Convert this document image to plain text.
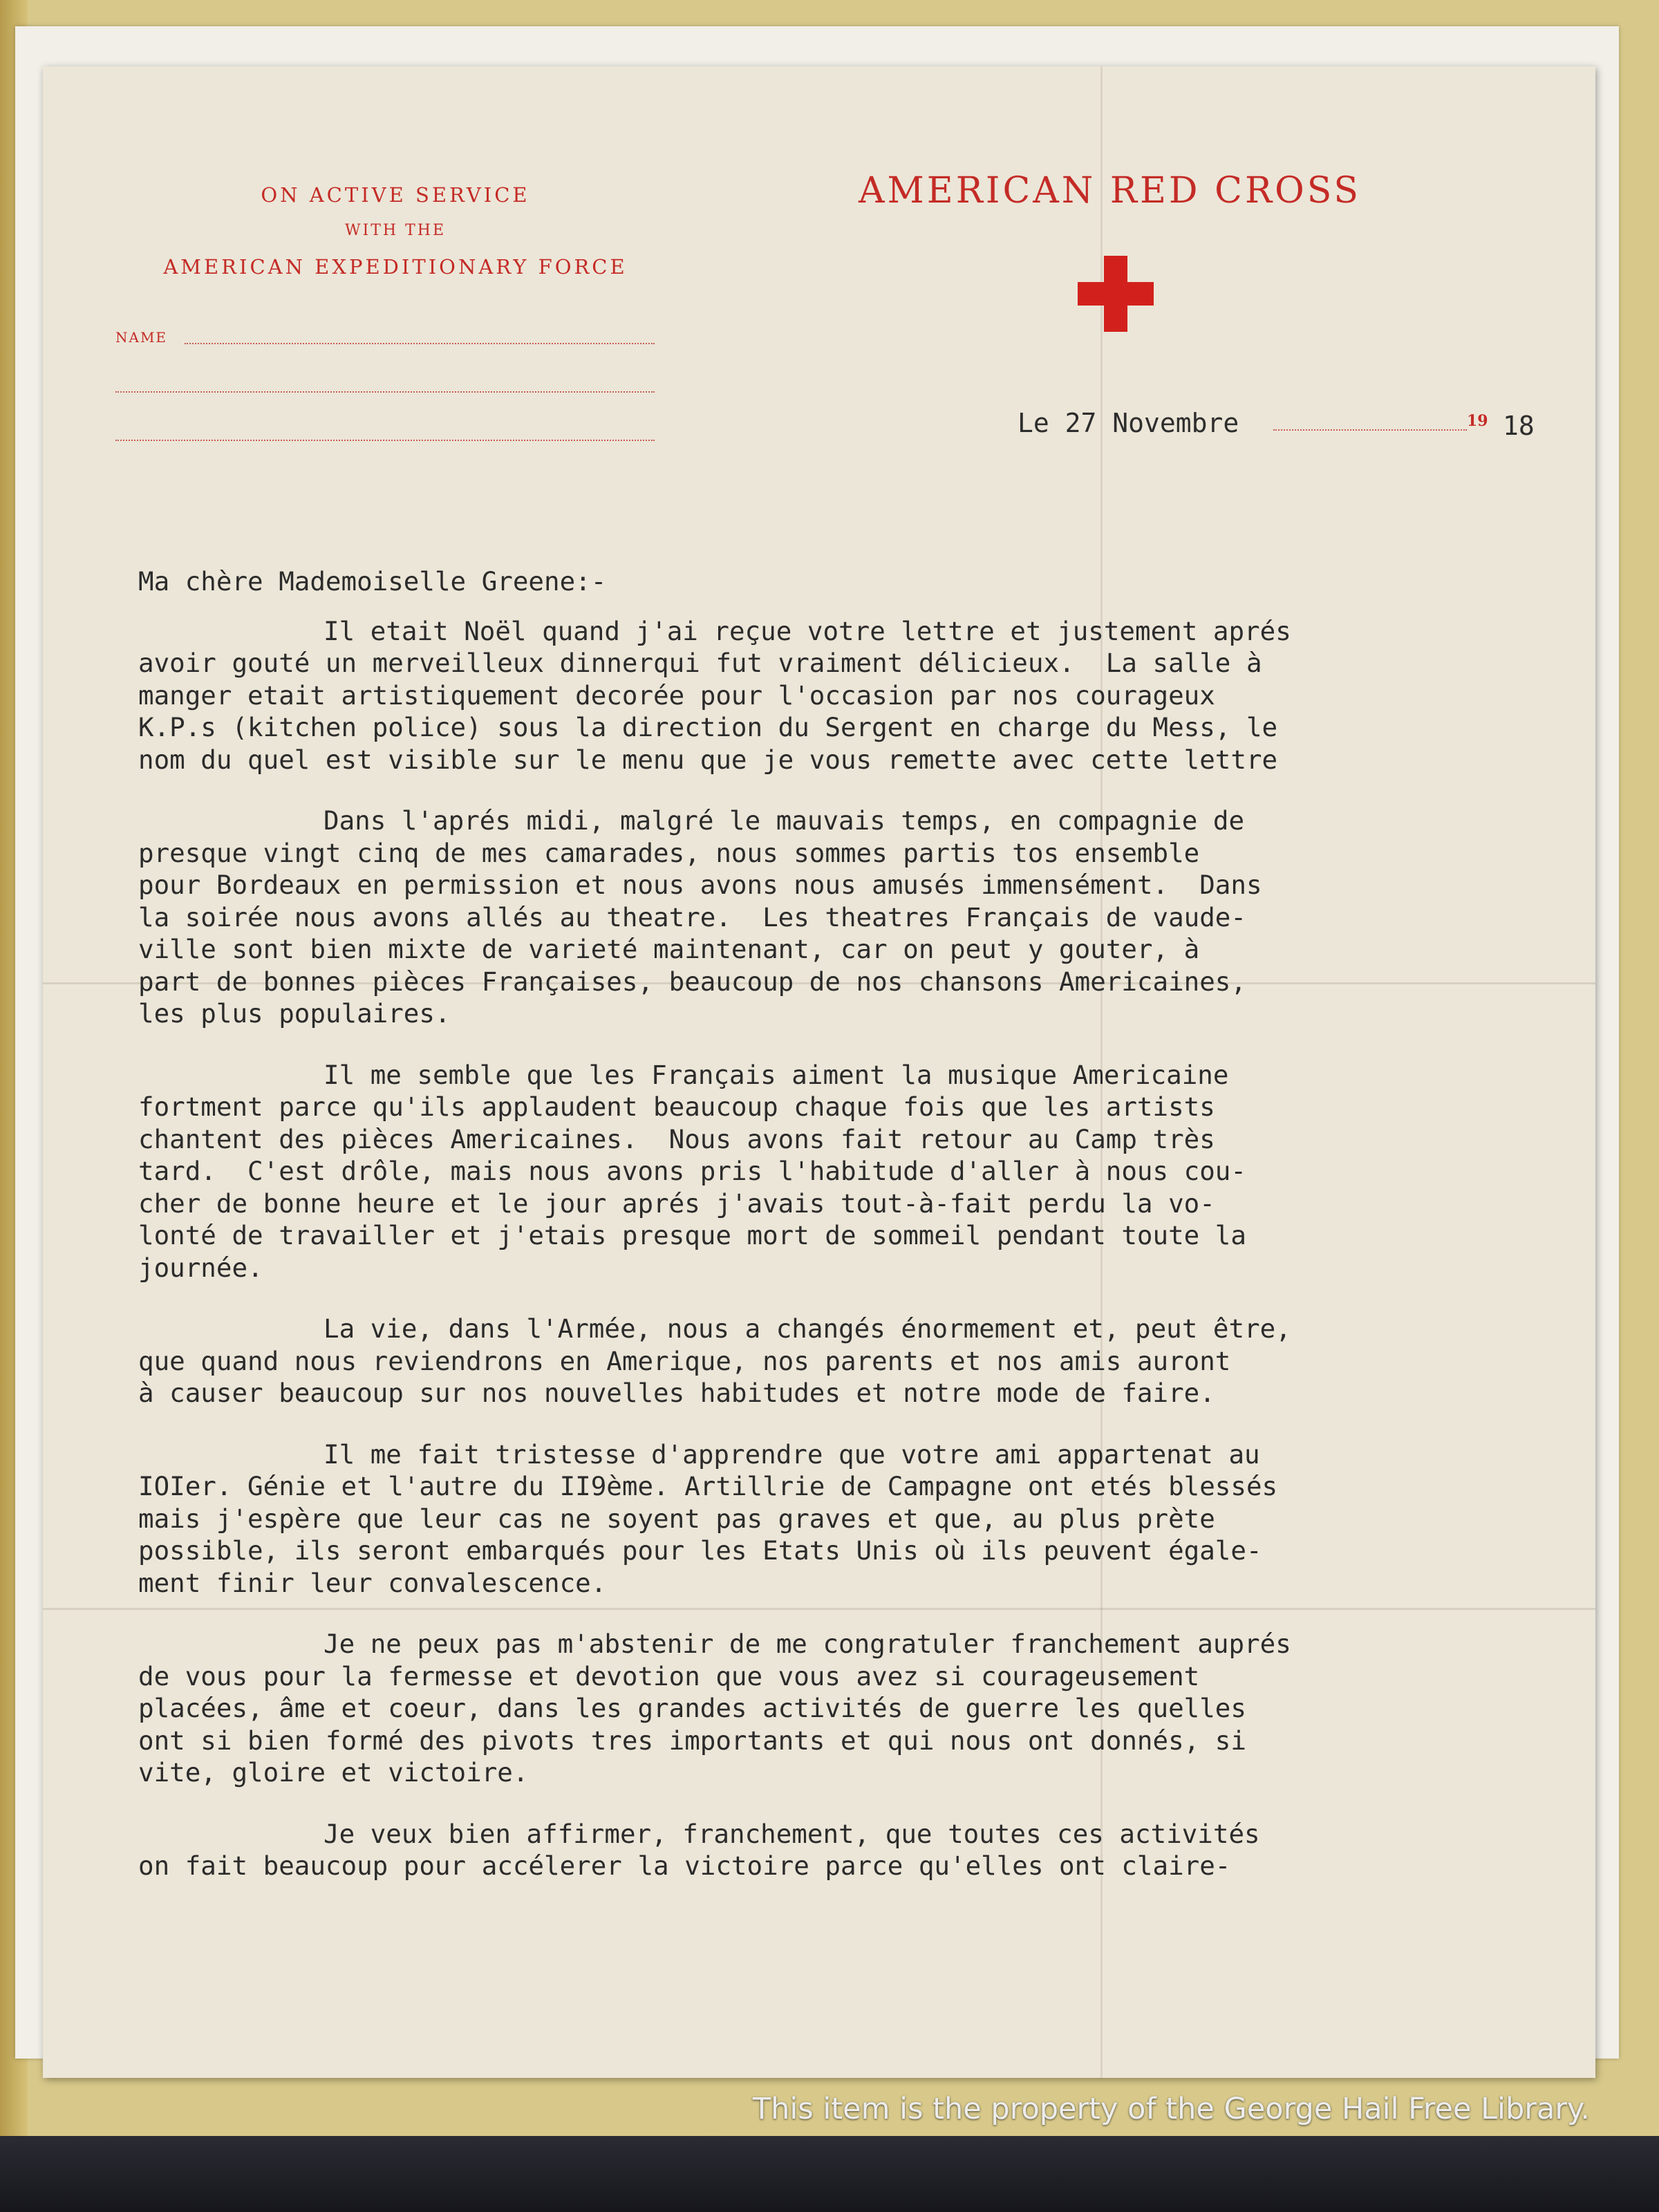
ON ACTIVE SERVICE
WITH THE
AMERICAN EXPEDITIONARY FORCE
NAME
AMERICAN RED CROSS
Le 27 Novembre	19 18
Ma chère Mademoiselle Greene:-
Il etait Noël quand j'ai reçue votre lettre et justement aprés
avoir gouté un merveilleux dinnerqui fut vraiment délicieux.  La salle à
manger etait artistiquement decorée pour l'occasion par nos courageux
K.P.s (kitchen police) sous la direction du Sergent en charge du Mess, le
nom du quel est visible sur le menu que je vous remette avec cette lettre
Dans l'aprés midi, malgré le mauvais temps, en compagnie de
presque vingt cinq de mes camarades, nous sommes partis tos ensemble
pour Bordeaux en permission et nous avons nous amusés immensément.  Dans
la soirée nous avons allés au theatre.  Les theatres Français de vaude-
ville sont bien mixte de varieté maintenant, car on peut y gouter, à
part de bonnes pièces Françaises, beaucoup de nos chansons Americaines,
les plus populaires.
Il me semble que les Français aiment la musique Americaine
fortment parce qu'ils applaudent beaucoup chaque fois que les artists
chantent des pièces Americaines.  Nous avons fait retour au Camp très
tard.  C'est drôle, mais nous avons pris l'habitude d'aller à nous cou-
cher de bonne heure et le jour aprés j'avais tout-à-fait perdu la vo-
lonté de travailler et j'etais presque mort de sommeil pendant toute la
journée.
La vie, dans l'Armée, nous a changés énormement et, peut être,
que quand nous reviendrons en Amerique, nos parents et nos amis auront
à causer beaucoup sur nos nouvelles habitudes et notre mode de faire.
Il me fait tristesse d'apprendre que votre ami appartenat au
IOIer. Génie et l'autre du II9ème. Artillrie de Campagne ont etés blessés
mais j'espère que leur cas ne soyent pas graves et que, au plus prète
possible, ils seront embarqués pour les Etats Unis où ils peuvent égale-
ment finir leur convalescence.
Je ne peux pas m'abstenir de me congratuler franchement auprés
de vous pour la fermesse et devotion que vous avez si courageusement
placées, âme et coeur, dans les grandes activités de guerre les quelles
ont si bien formé des pivots tres importants et qui nous ont donnés, si
vite, gloire et victoire.
Je veux bien affirmer, franchement, que toutes ces activités
on fait beaucoup pour accélerer la victoire parce qu'elles ont claire-
This item is the property of the George Hail Free Library.
